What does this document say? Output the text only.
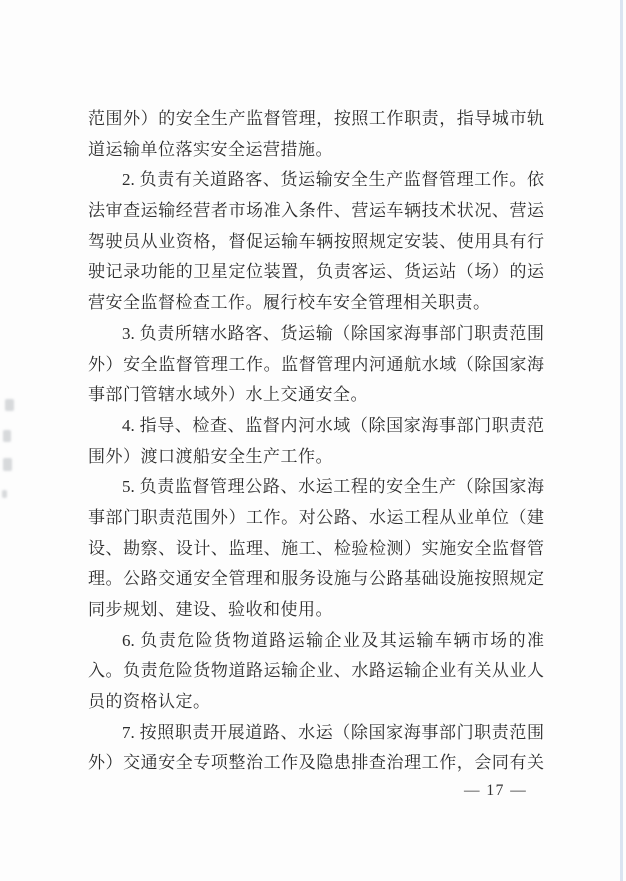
范围外）的安全生产监督管理，按照工作职责，指导城市轨
道运输单位落实安全运营措施。
2. 负责有关道路客、货运输安全生产监督管理工作。依
法审查运输经营者市场准入条件、营运车辆技术状况、营运
驾驶员从业资格，督促运输车辆按照规定安装、使用具有行
驶记录功能的卫星定位装置，负责客运、货运站（场）的运
营安全监督检查工作。履行校车安全管理相关职责。
3. 负责所辖水路客、货运输（除国家海事部门职责范围
外）安全监督管理工作。监督管理内河通航水域（除国家海
事部门管辖水域外）水上交通安全。
4. 指导、检查、监督内河水域（除国家海事部门职责范
围外）渡口渡船安全生产工作。
5. 负责监督管理公路、水运工程的安全生产（除国家海
事部门职责范围外）工作。对公路、水运工程从业单位（建
设、勘察、设计、监理、施工、检验检测）实施安全监督管
理。公路交通安全管理和服务设施与公路基础设施按照规定
同步规划、建设、验收和使用。
6. 负责危险货物道路运输企业及其运输车辆市场的准
入。负责危险货物道路运输企业、水路运输企业有关从业人
员的资格认定。
7. 按照职责开展道路、水运（除国家海事部门职责范围
外）交通安全专项整治工作及隐患排查治理工作，会同有关
— 17 —
